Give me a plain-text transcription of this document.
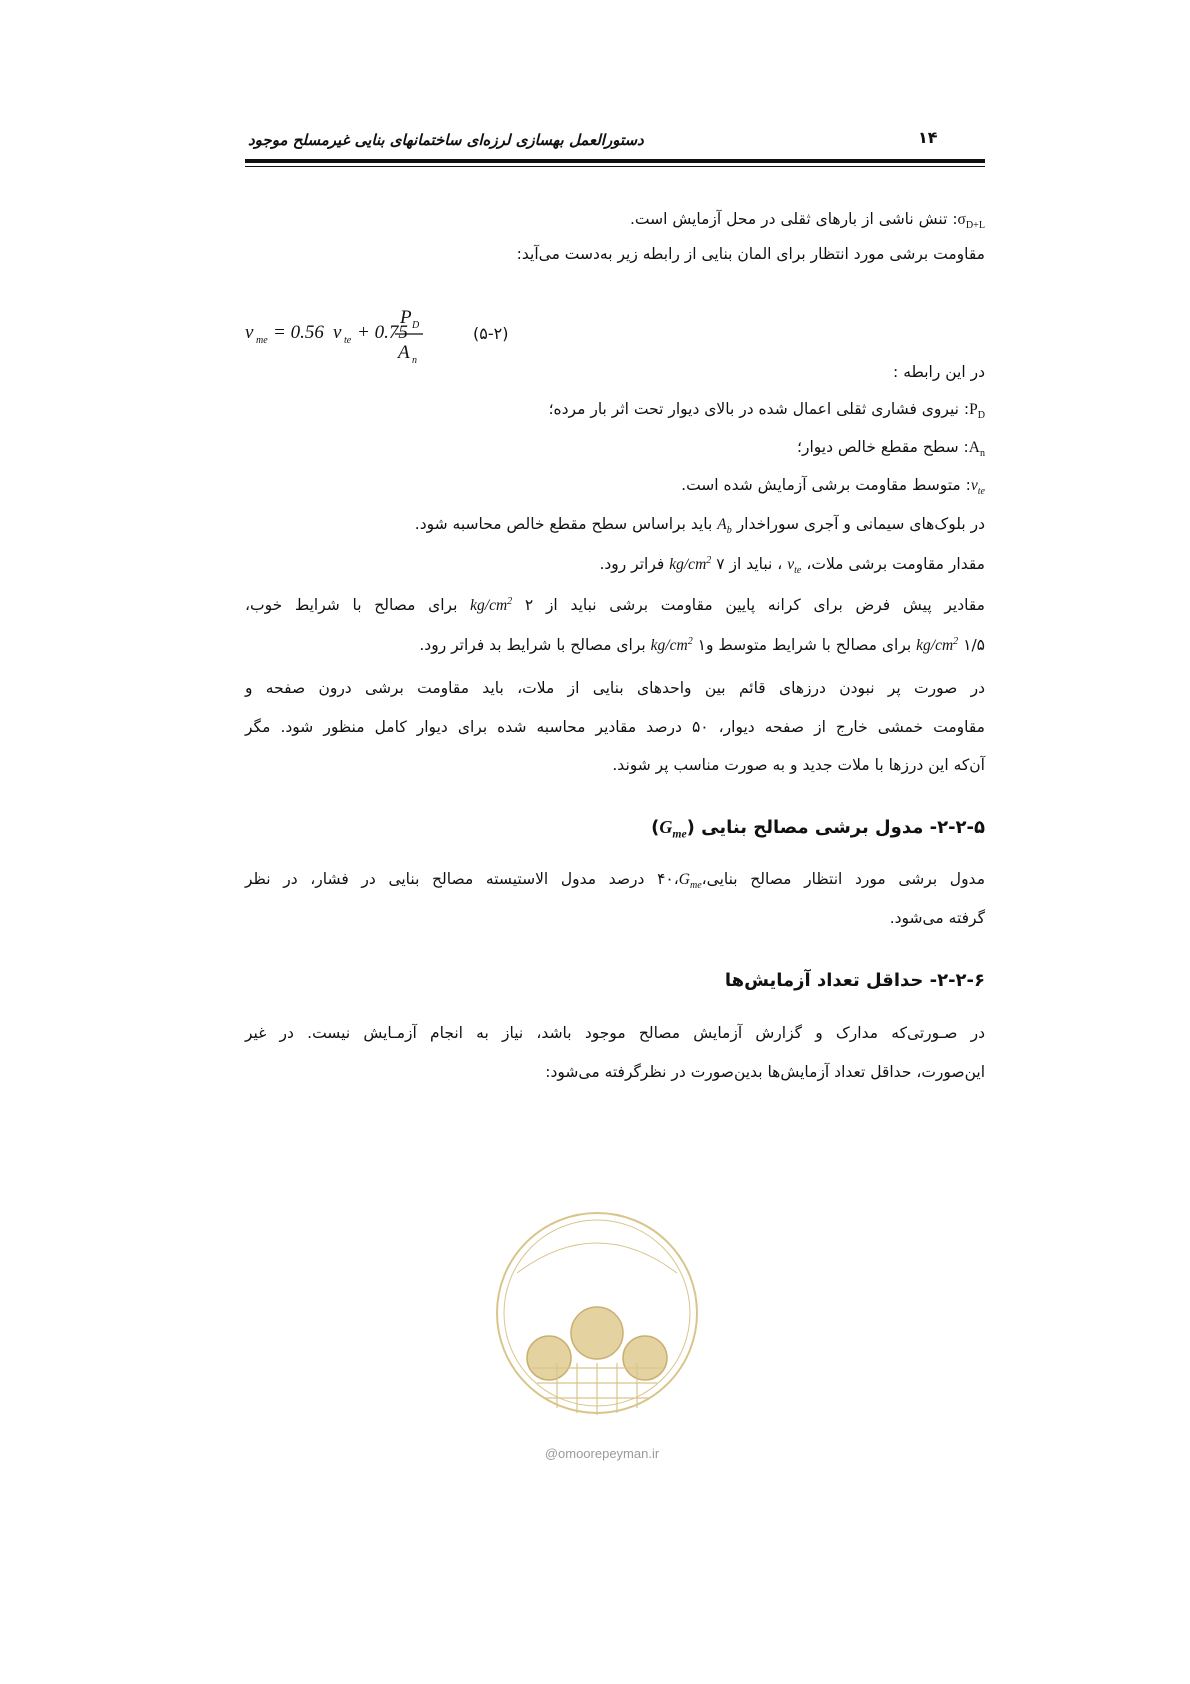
دستورالعمل بهسازی لرزه‌ای ساختمانهای بنایی غیرمسلح موجود	۱۴
$\sigma_{D+L}$: تنش ناشی از بارهای ثقلی در محل آزمایش است.
مقاومت برشی مورد انتظار برای المان بنایی از رابطه زیر به‌دست می‌آید:
ν me = 0.56 ν te + 0.75
P D
A n
(۵-۲)
در این رابطه :
$P_D$: نیروی فشاری ثقلی اعمال شده در بالای دیوار تحت اثر بار مرده؛
$A_n$: سطح مقطع خالص دیوار؛
$\nu_{te}$: متوسط مقاومت برشی آزمایش شده است.
در بلوک‌های سیمانی و آجری سوراخدار $A_b$ باید براساس سطح مقطع خالص محاسبه شود.
مقدار مقاومت برشی ملات، $\nu_{te}$ ، نباید از ۷ $kg/cm^2$ فراتر رود.
مقادیر پیش فرض برای کرانه پایین مقاومت برشی نباید از ۲ $kg/cm^2$ برای مصالح با شرایط خوب،
۱/۵ $kg/cm^2$ برای مصالح با شرایط متوسط و۱ $kg/cm^2$ برای مصالح با شرایط بد فراتر رود.
در صورت پر نبودن درزهای قائم بین واحدهای بنایی از ملات، باید مقاومت برشی درون صفحه و
مقاومت خمشی خارج از صفحه دیوار، ۵۰ درصد مقادیر محاسبه شده برای دیوار کامل منظور شود. مگر
آن‌که این درزها با ملات جدید و به صورت مناسب پر شوند.
۲-۲-۵- مدول برشی مصالح بنایی $(G_{me})$
مدول برشی مورد انتظار مصالح $بنایی،G_{me}،۴۰$ درصد مدول الاستیسته مصالح بنایی در فشار، در نظر
گرفته می‌شود.
۲-۲-۶- حداقل تعداد آزمایش‌ها
در صـورتی‌که مدارک و گزارش آزمایش مصالح موجود باشد، نیاز به انجام آزمـایش نیست. در غیر
این‌صورت، حداقل تعداد آزمایش‌ها بدین‌صورت در نظرگرفته می‌شود:
@omoorepeyman.ir
